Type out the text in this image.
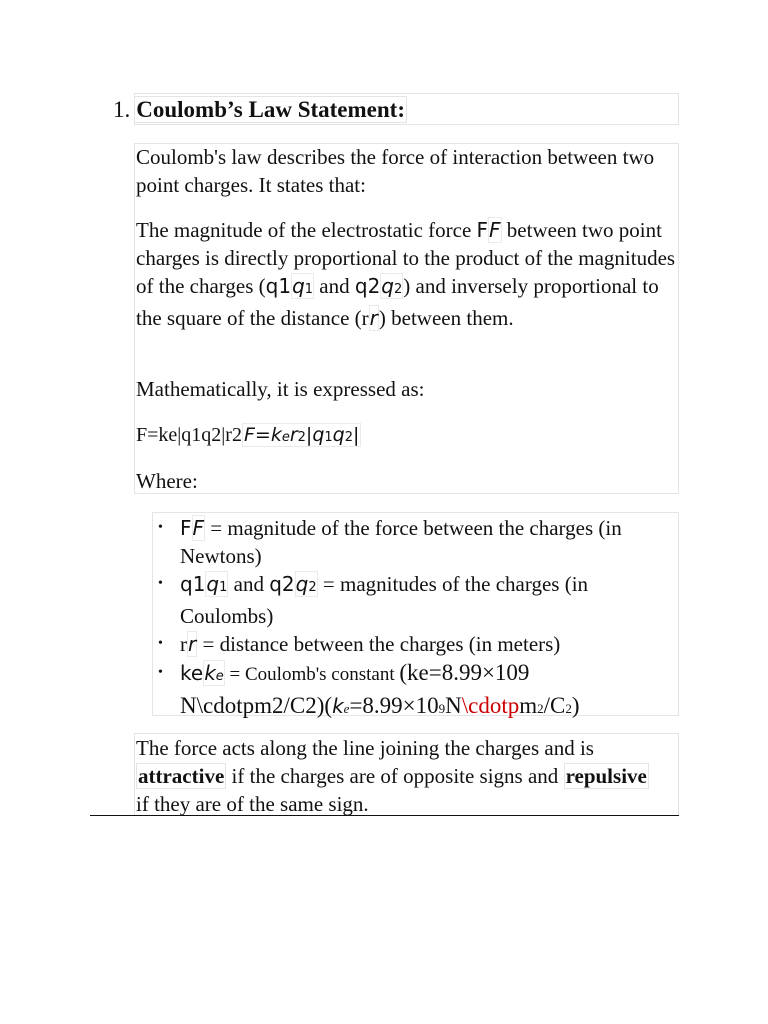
1. Coulomb’s Law Statement:

Coulomb's law describes the force of interaction between two point charges. It states that:

The magnitude of the electrostatic force FF between two point charges is directly proportional to the product of the magnitudes of the charges (q1q1 and q2q2) and inversely proportional to the square of the distance (rr) between them.

Mathematically, it is expressed as:

F=ke|q1q2|r2 F=ker2|q1q2|

Where:

• FF = magnitude of the force between the charges (in Newtons)
• q1q1 and q2q2 = magnitudes of the charges (in Coulombs)
• rr = distance between the charges (in meters)
• keke = Coulomb's constant (ke=8.99×109 N\cdotpm2/C2)(ke=8.99×109N\cdotpm2/C2)

The force acts along the line joining the charges and is attractive if the charges are of opposite signs and repulsive if they are of the same sign.
